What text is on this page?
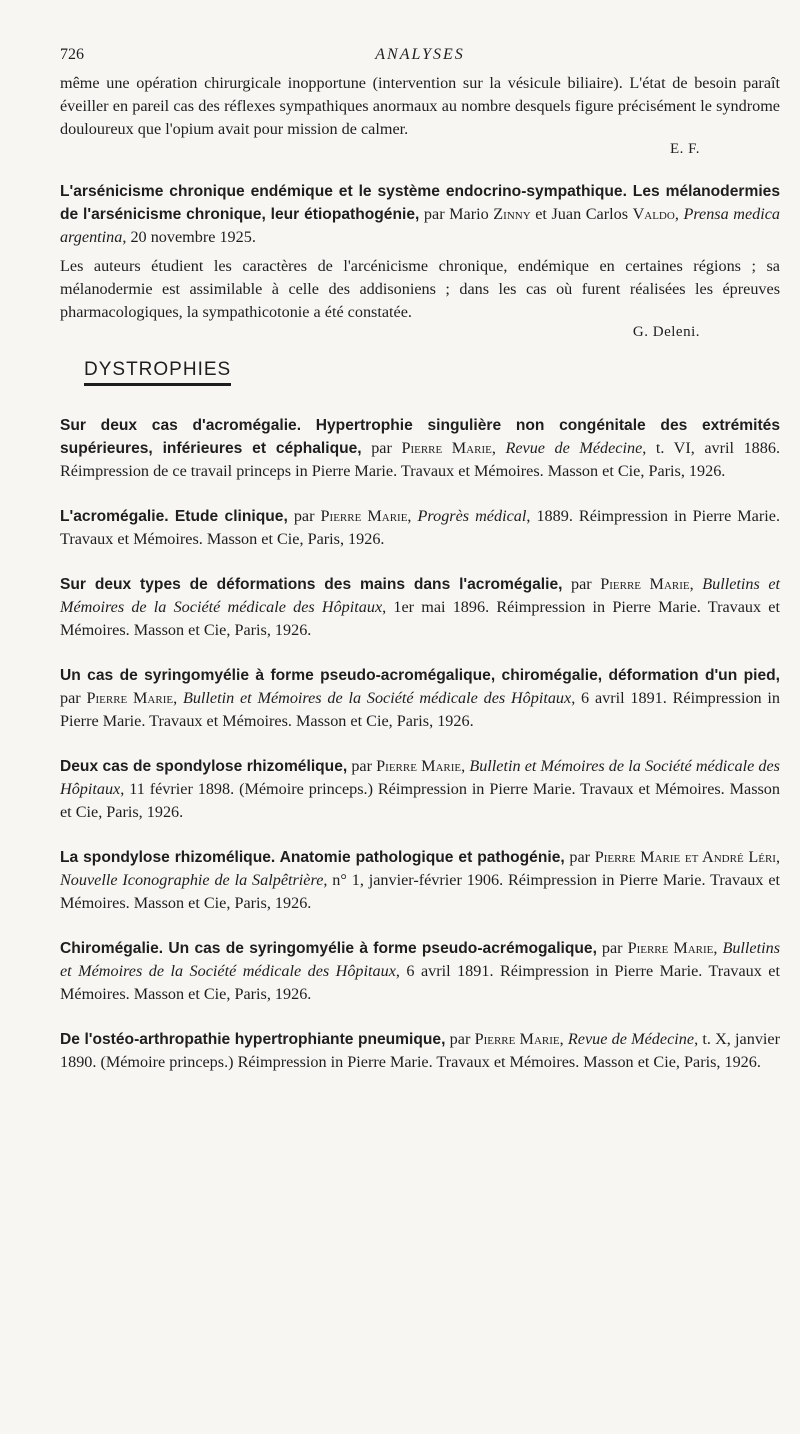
726	ANALYSES

même une opération chirurgicale inopportune (intervention sur la vésicule biliaire). L'état de besoin paraît éveiller en pareil cas des réflexes sympathiques anormaux au nombre desquels figure précisément le syndrome douloureux que l'opium avait pour mission de calmer.

E. F.

L'arsénicisme chronique endémique et le système endocrino-sympathique. Les mélanodermies de l'arsénicisme chronique, leur étiopathogénie, par Mario Zinny et Juan Carlos Valdo, Prensa medica argentina, 20 novembre 1925.

Les auteurs étudient les caractères de l'arcénicisme chronique, endémique en certaines régions ; sa mélanodermie est assimilable à celle des addisoniens ; dans les cas où furent réalisées les épreuves pharmacologiques, la sympathicotonie a été constatée.

G. Deleni.
DYSTROPHIES

Sur deux cas d'acromégalie. Hypertrophie singulière non congénitale des extrémités supérieures, inférieures et céphalique, par Pierre Marie, Revue de Médecine, t. VI, avril 1886. Réimpression de ce travail princeps in Pierre Marie. Travaux et Mémoires. Masson et Cie, Paris, 1926.

L'acromégalie. Etude clinique, par Pierre Marie, Progrès médical, 1889. Réimpression in Pierre Marie. Travaux et Mémoires. Masson et Cie, Paris, 1926.

Sur deux types de déformations des mains dans l'acromégalie, par Pierre Marie, Bulletins et Mémoires de la Société médicale des Hôpitaux, 1er mai 1896. Réimpression in Pierre Marie. Travaux et Mémoires. Masson et Cie, Paris, 1926.

Un cas de syringomyélie à forme pseudo-acromégalique, chiromégalie, déformation d'un pied, par Pierre Marie, Bulletin et Mémoires de la Société médicale des Hôpitaux, 6 avril 1891. Réimpression in Pierre Marie. Travaux et Mémoires. Masson et Cie, Paris, 1926.

Deux cas de spondylose rhizomélique, par Pierre Marie, Bulletin et Mémoires de la Société médicale des Hôpitaux, 11 février 1898. (Mémoire princeps.) Réimpression in Pierre Marie. Travaux et Mémoires. Masson et Cie, Paris, 1926.

La spondylose rhizomélique. Anatomie pathologique et pathogénie, par Pierre Marie et André Léri, Nouvelle Iconographie de la Salpêtrière, n° 1, janvier-février 1906. Réimpression in Pierre Marie. Travaux et Mémoires. Masson et Cie, Paris, 1926.

Chiromégalie. Un cas de syringomyélie à forme pseudo-acrémogalique, par Pierre Marie, Bulletins et Mémoires de la Société médicale des Hôpitaux, 6 avril 1891. Réimpression in Pierre Marie. Travaux et Mémoires. Masson et Cie, Paris, 1926.

De l'ostéo-arthropathie hypertrophiante pneumique, par Pierre Marie, Revue de Médecine, t. X, janvier 1890. (Mémoire princeps.) Réimpression in Pierre Marie. Travaux et Mémoires. Masson et Cie, Paris, 1926.
